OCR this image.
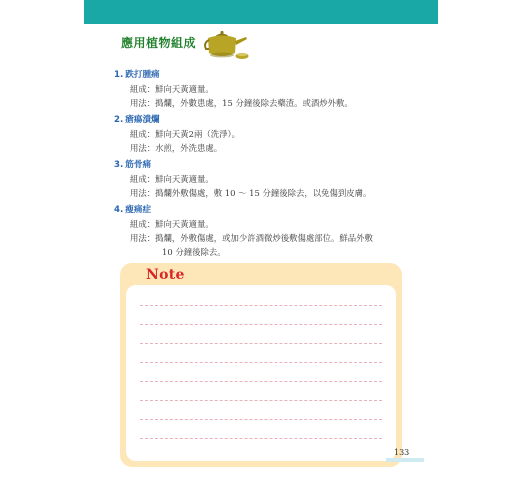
應用植物組成
1. 跌打腫痛
組成：鮮向天黃適量。
用法：搗爛，外數患處，15 分鐘後除去藥渣。或酒炒外敷。
2. 瘡瘍潰爛
組成：鮮向天黃2兩（洗淨）。
用法：水煎，外洗患處。
3. 筋骨痛
組成：鮮向天黃適量。
用法：搗爛外敷傷處，敷 10 ～ 15 分鐘後除去，以免傷到皮膚。
4. 瘦痛症
組成：鮮向天黃適量。
用法：搗爛，外敷傷處，或加少許酒微炒後敷傷處部位。鮮品外敷
10 分鐘後除去。
Note
133
